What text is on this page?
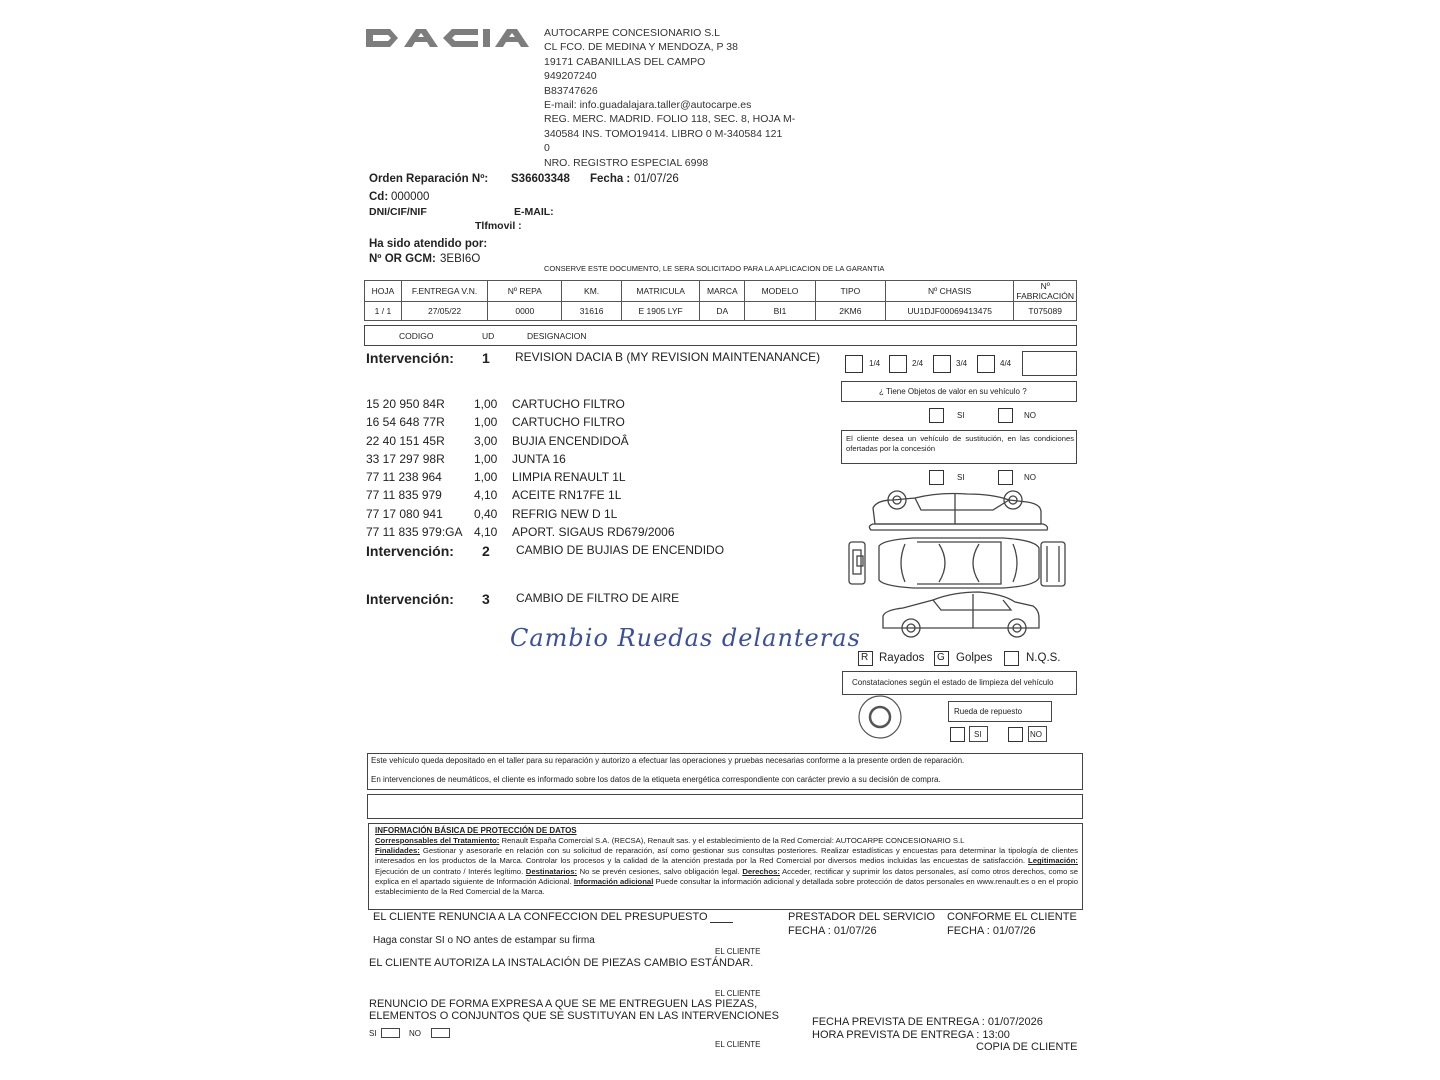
AUTOCARPE CONCESIONARIO S.L
CL FCO. DE MEDINA Y MENDOZA, P 38
19171 CABANILLAS DEL CAMPO
949207240
B83747626
E-mail: info.guadalajara.taller@autocarpe.es
REG. MERC. MADRID. FOLIO 118, SEC. 8, HOJA M-
340584 INS. TOMO19414. LIBRO 0 M-340584 121
0
NRO. REGISTRO ESPECIAL 6998
Orden Reparación Nº: S36603348 Fecha : 01/07/26
Cd: 000000
DNI/CIF/NIF	E-MAIL:
Tlfmovil :
Ha sido atendido por:
Nº OR GCM: 3EBI6O
CONSERVE ESTE DOCUMENTO, LE SERA SOLICITADO PARA LA APLICACION DE LA GARANTIA
HOJA	F.ENTREGA V.N.	Nº REPA	KM.	MATRICULA	MARCA	MODELO	TIPO	Nº CHASIS	Nº FABRICACIÓN
1 / 1	27/05/22	0000	31616	E 1905 LYF	DA	BI1	2KM6	UU1DJF00069413475	T075089
CODIGO	UD	DESIGNACION
Intervención: 1 REVISION DACIA B (MY REVISION MAINTENANANCE)
15 20 950 84R 1,00 CARTUCHO FILTRO
16 54 648 77R 1,00 CARTUCHO FILTRO
22 40 151 45R 3,00 BUJIA ENCENDIDOÂ
33 17 297 98R 1,00 JUNTA 16
77 11 238 964	1,00 LIMPIA RENAULT 1L
77 11 835 979	4,10 ACEITE RN17FE 1L
77 17 080 941	0,40 REFRIG NEW D 1L
77 11 835 979:GA 4,10 APORT. SIGAUS RD679/2006
Intervención: 2 CAMBIO DE BUJIAS DE ENCENDIDO
Intervención: 3 CAMBIO DE FILTRO DE AIRE
Cambio Ruedas delanteras
1/4	2/4	3/4	4/4
¿ Tiene Objetos de valor en su vehículo ?
SI	NO
El cliente desea un vehículo de sustitución, en las condiciones ofertadas por la concesión
SI	NO
R Rayados G Golpes	N.Q.S.
Constataciones según el estado de limpieza del vehículo
Rueda de repuesto
SI	NO
Este vehículo queda depositado en el taller para su reparación y autorizo a efectuar las operaciones y pruebas necesarias conforme a la presente orden de reparación.
En intervenciones de neumáticos, el cliente es informado sobre los datos de la etiqueta energética correspondiente con carácter previo a su decisión de compra.
INFORMACIÓN BÁSICA DE PROTECCIÓN DE DATOS
Corresponsables del Tratamiento: Renault España Comercial S.A. (RECSA), Renault sas. y el establecimiento de la Red Comercial: AUTOCARPE CONCESIONARIO S.L
Finalidades: Gestionar y asesorarle en relación con su solicitud de reparación, así como gestionar sus consultas posteriores. Realizar estadísticas y encuestas para determinar la tipología de clientes interesados en los productos de la Marca. Controlar los procesos y la calidad de la atención prestada por la Red Comercial por diversos medios incluidas las encuestas de satisfacción. Legitimación: Ejecución de un contrato / Interés legítimo. Destinatarios: No se prevén cesiones, salvo obligación legal. Derechos: Acceder, rectificar y suprimir los datos personales, así como otros derechos, como se explica en el apartado siguiente de Información Adicional. Información adicional Puede consultar la información adicional y detallada sobre protección de datos personales en www.renault.es o en el propio establecimiento de la Red Comercial de la Marca.
EL CLIENTE RENUNCIA A LA CONFECCION DEL PRESUPUESTO
Haga constar SI o NO antes de estampar su firma
EL CLIENTE
EL CLIENTE AUTORIZA LA INSTALACIÓN DE PIEZAS CAMBIO ESTÁNDAR.
EL CLIENTE
RENUNCIO DE FORMA EXPRESA A QUE SE ME ENTREGUEN LAS PIEZAS,
ELEMENTOS O CONJUNTOS QUE SE SUSTITUYAN EN LAS INTERVENCIONES
SI	NO
EL CLIENTE
PRESTADOR DEL SERVICIO
FECHA : 01/07/26
CONFORME EL CLIENTE
FECHA : 01/07/26
FECHA PREVISTA DE ENTREGA : 01/07/2026
HORA PREVISTA DE ENTREGA : 13:00
COPIA DE CLIENTE
